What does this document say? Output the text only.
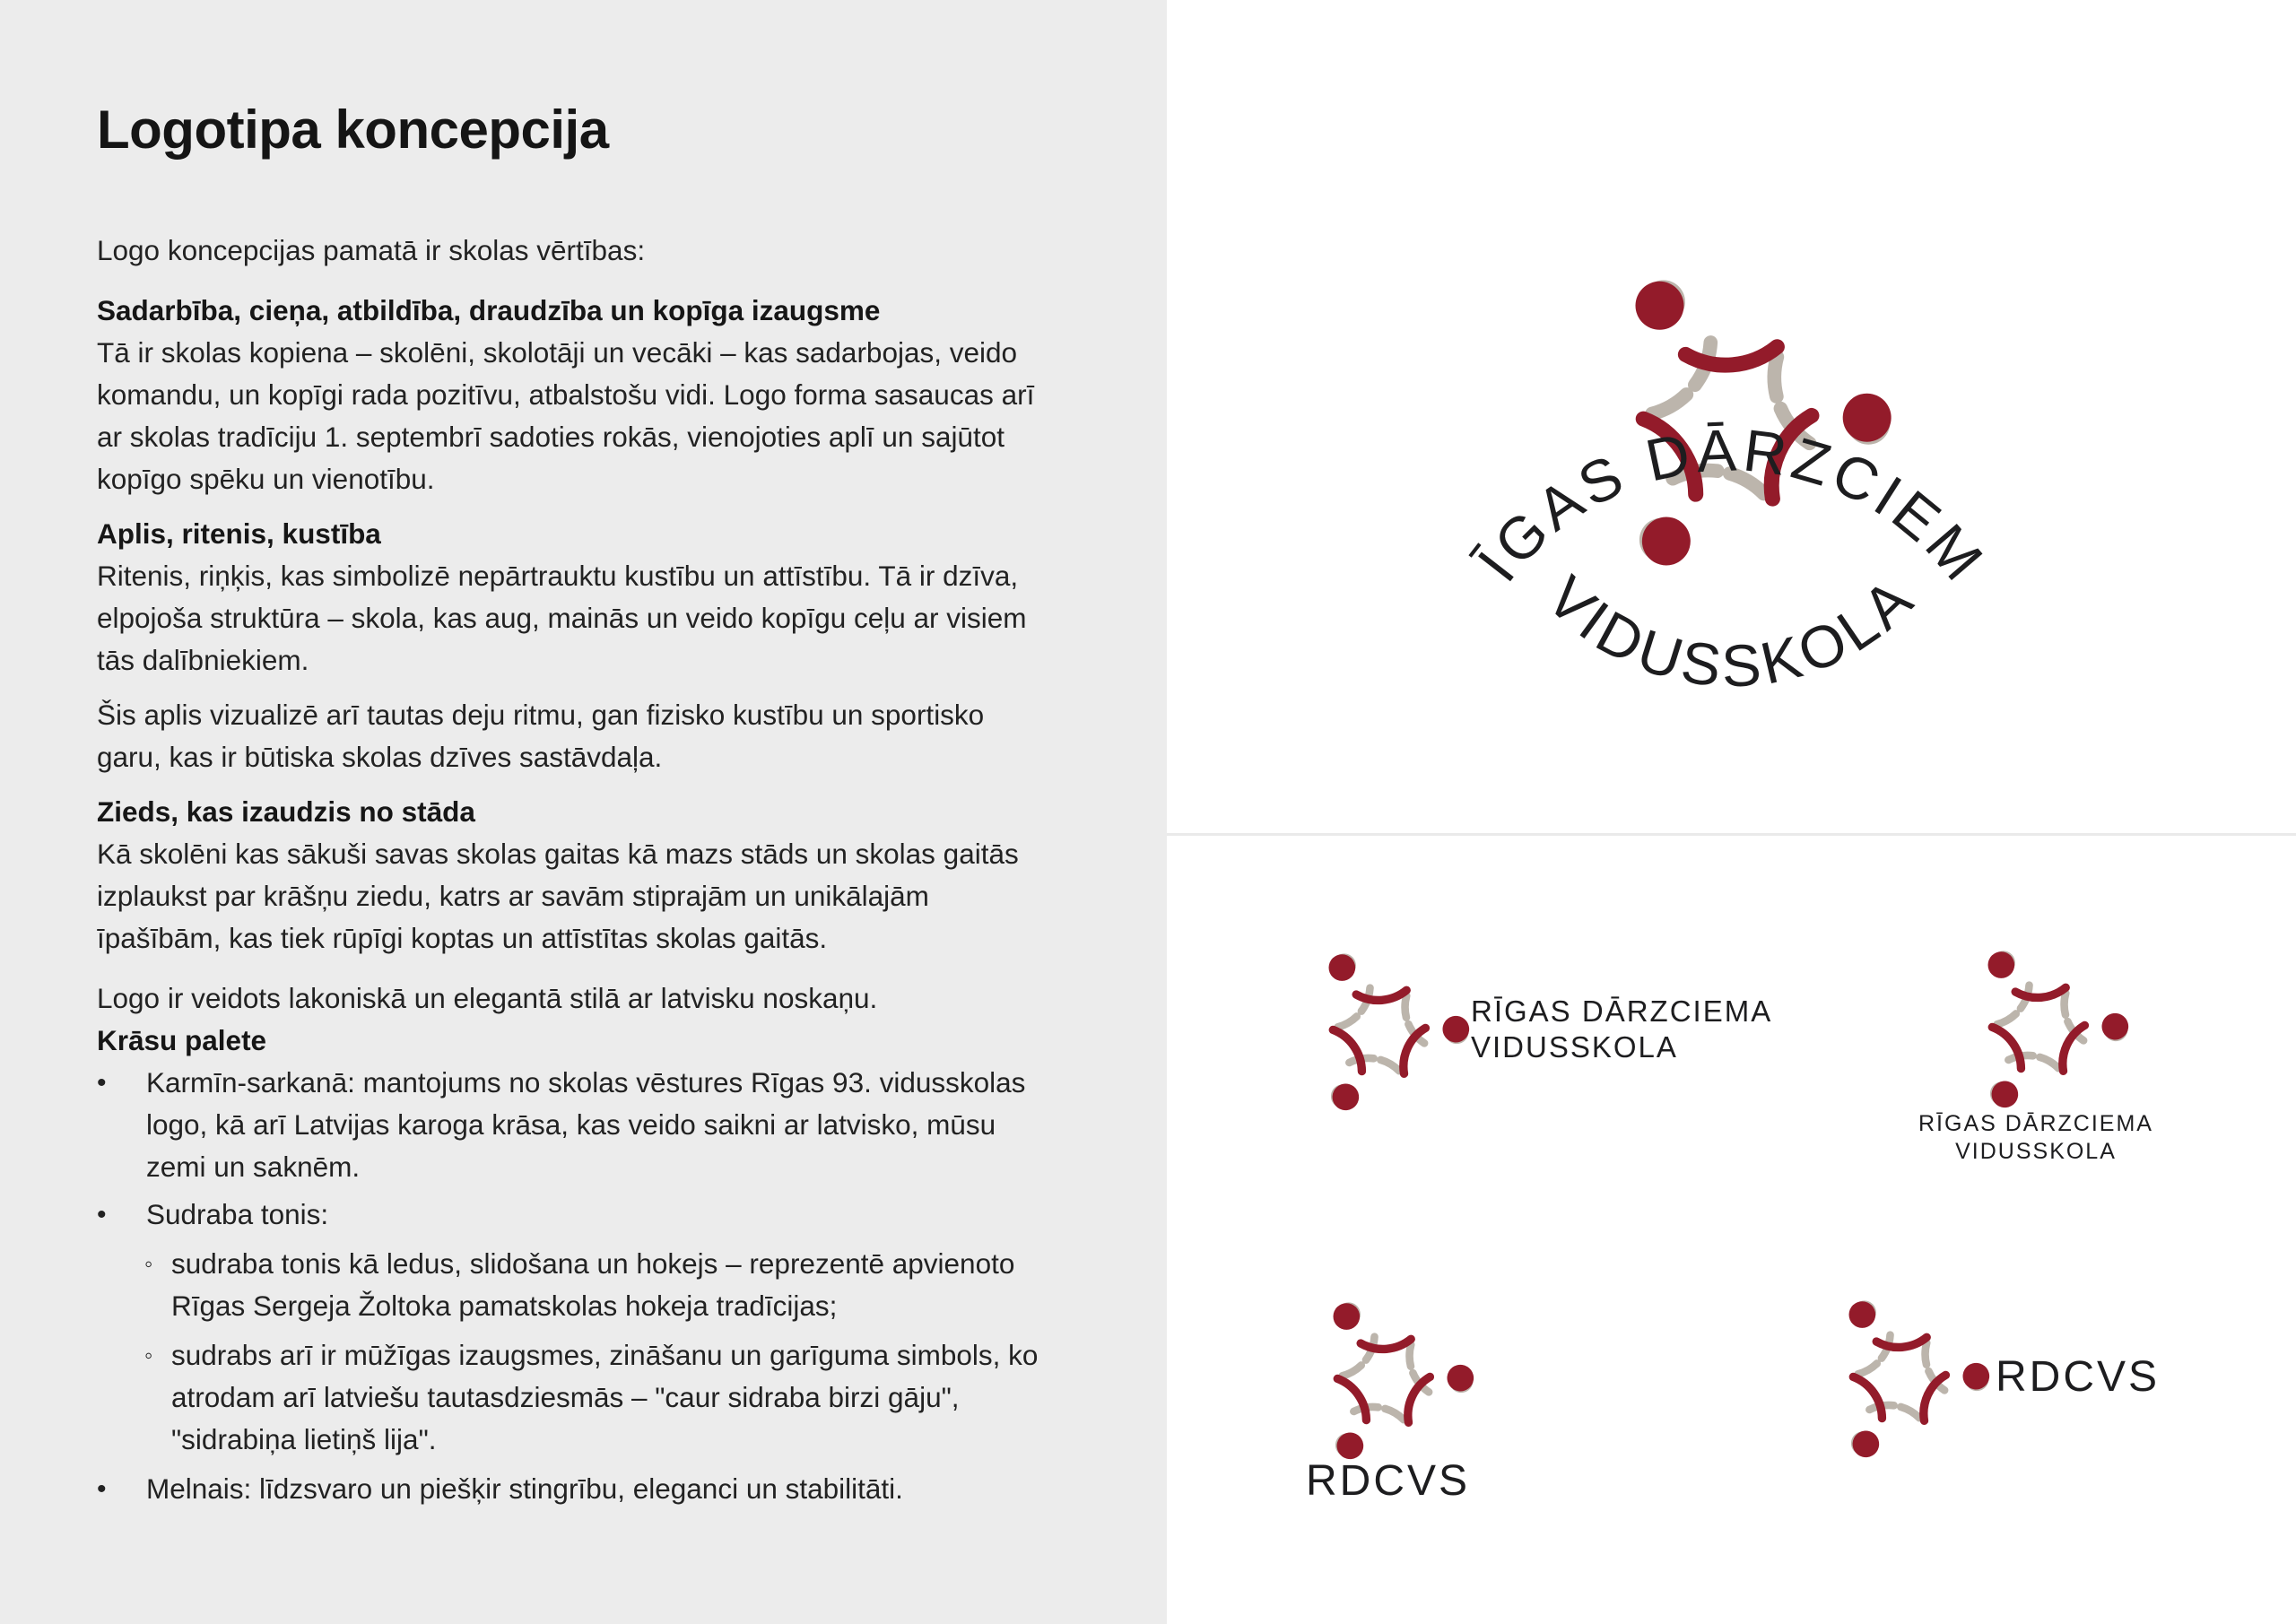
Logotipa koncepcija

Logo koncepcijas pamatā ir skolas vērtības:

Sadarbība, cieņa, atbildība, draudzība un kopīga izaugsme

Tā ir skolas kopiena – skolēni, skolotāji un vecāki – kas sadarbojas, veido

komandu, un kopīgi rada pozitīvu, atbalstošu vidi. Logo forma sasaucas arī

ar skolas tradīciju 1. septembrī sadoties rokās, vienojoties aplī un sajūtot

kopīgo spēku un vienotību.

Aplis, ritenis, kustība

Ritenis, riņķis, kas simbolizē nepārtrauktu kustību un attīstību. Tā ir dzīva,

elpojoša struktūra – skola, kas aug, mainās un veido kopīgu ceļu ar visiem

tās dalībniekiem.

Šis aplis vizualizē arī tautas deju ritmu, gan fizisko kustību un sportisko

garu, kas ir būtiska skolas dzīves sastāvdaļa.

Zieds, kas izaudzis no stāda

Kā skolēni kas sākuši savas skolas gaitas kā mazs stāds un skolas gaitās

izplaukst par krāšņu ziedu, katrs ar savām stiprajām un unikālajām

īpašībām, kas tiek rūpīgi koptas un attīstītas skolas gaitās.

Logo ir veidots lakoniskā un elegantā stilā ar latvisku noskaņu.

Krāsu palete

• Karmīn-sarkanā: mantojums no skolas vēstures Rīgas 93. vidusskolas
logo, kā arī Latvijas karoga krāsa, kas veido saikni ar latvisko, mūsu
zemi un saknēm.
• Sudraba tonis:
◦ sudraba tonis kā ledus, slidošana un hokejs – reprezentē apvienoto
Rīgas Sergeja Žoltoka pamatskolas hokeja tradīcijas;
◦ sudrabs arī ir mūžīgas izaugsmes, zināšanu un garīguma simbols, ko
atrodam arī latviešu tautasdziesmās – "caur sidraba birzi gāju",
"sidrabiņa lietiņš lija".
• Melnais: līdzsvaro un piešķir stingrību, eleganci un stabilitāti.
RĪGAS DĀRZCIEMA
VIDUSSKOLA
RĪGAS DĀRZCIEMA
VIDUSSKOLA
RĪGAS DĀRZCIEMA
VIDUSSKOLA
RDCVS
RDCVS
